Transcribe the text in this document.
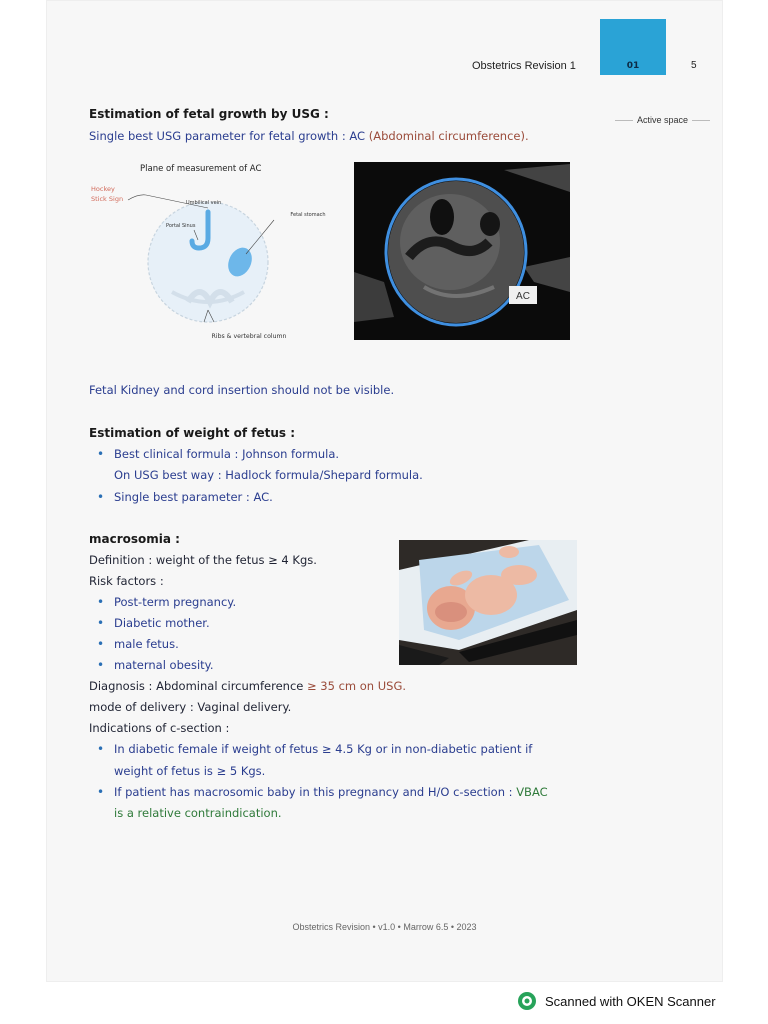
Obstetrics Revision 1	01	5
Active space
Estimation of fetal growth by USG :
Single best USG parameter for fetal growth : AC (Abdominal circumference).
Plane of measurement of AC
Hockey
Stick Sign	Umbilical vein
Portal Sinus
Fetal stomach
Ribs & vertebral column
AC
Fetal Kidney and cord insertion should not be visible.
Estimation of weight of fetus :
• Best clinical formula : Johnson formula.
On USG best way : Hadlock formula/Shepard formula.
• Single best parameter : AC.
macrosomia :
Definition : weight of the fetus ≥ 4 Kgs.
Risk factors :
• Post-term pregnancy.
• Diabetic mother.
• male fetus.
• maternal obesity.
Diagnosis : Abdominal circumference ≥ 35 cm on USG.
mode of delivery : Vaginal delivery.
Indications of c-section :
• In diabetic female if weight of fetus ≥ 4.5 Kg or in non-diabetic patient if
weight of fetus is ≥ 5 Kgs.
• If patient has macrosomic baby in this pregnancy and H/O c-section : VBAC
is a relative contraindication.
Obstetrics Revision • v1.0 • Marrow 6.5 • 2023
Scanned with OKEN Scanner
